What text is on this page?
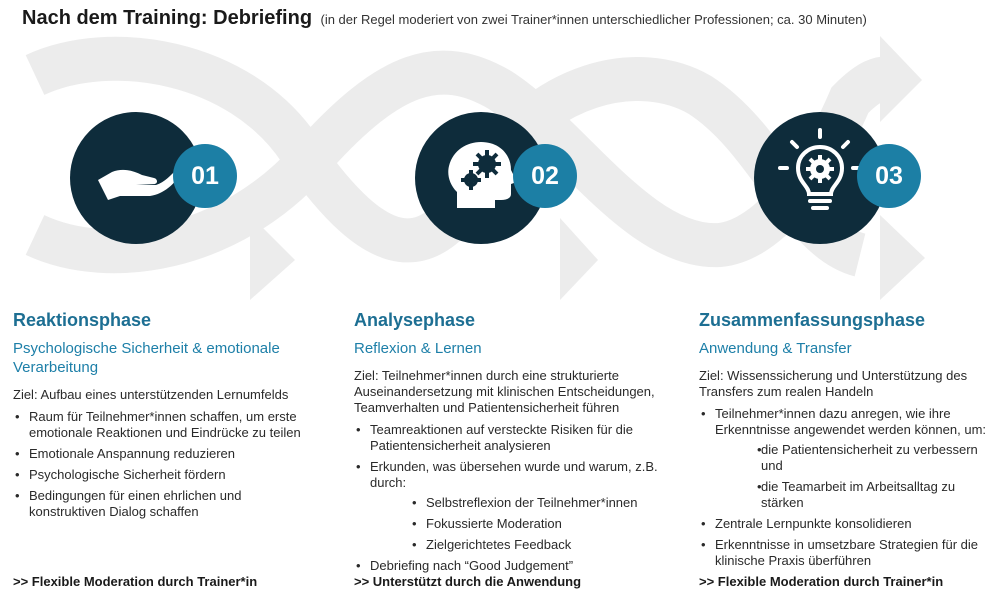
Nach dem Training: Debriefing (in der Regel moderiert von zwei Trainer*innen unterschiedlicher Professionen; ca. 30 Minuten)
01	02	03
Reaktionsphase
Psychologische Sicherheit & emotionale Verarbeitung
Ziel: Aufbau eines unterstützenden Lernumfelds
• Raum für Teilnehmer*innen schaffen, um erste emotionale Reaktionen und Eindrücke zu teilen
• Emotionale Anspannung reduzieren
• Psychologische Sicherheit fördern
• Bedingungen für einen ehrlichen und konstruktiven Dialog schaffen
Analysephase
Reflexion & Lernen
Ziel: Teilnehmer*innen durch eine strukturierte Auseinandersetzung mit klinischen Entscheidungen, Teamverhalten und Patientensicherheit führen
• Teamreaktionen auf versteckte Risiken für die Patientensicherheit analysieren
• Erkunden, was übersehen wurde und warum, z.B. durch:
• Selbstreflexion der Teilnehmer*innen
• Fokussierte Moderation
• Zielgerichtetes Feedback
• Debriefing nach “Good Judgement”
Zusammenfassungsphase
Anwendung & Transfer
Ziel: Wissenssicherung und Unterstützung des Transfers zum realen Handeln
• Teilnehmer*innen dazu anregen, wie ihre Erkenntnisse angewendet werden können, um:
• die Patientensicherheit zu verbessern und
• die Teamarbeit im Arbeitsalltag zu stärken
• Zentrale Lernpunkte konsolidieren
• Erkenntnisse in umsetzbare Strategien für die klinische Praxis überführen
>> Flexible Moderation durch Trainer*in	>> Unterstützt durch die Anwendung	>> Flexible Moderation durch Trainer*in
